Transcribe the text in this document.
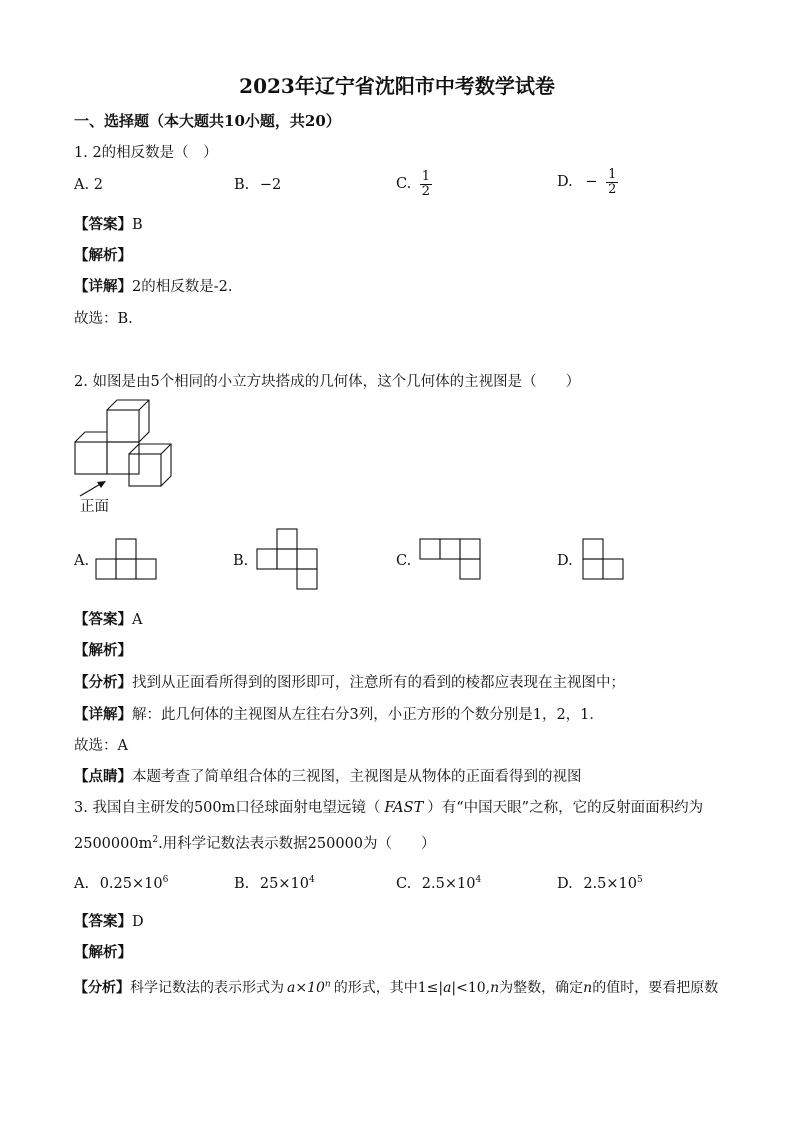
2023年辽宁省沈阳市中考数学试卷
一、选择题（本大题共10小题，共20）
1. 2的相反数是（　）
A. 2	B. −2	C. $\frac{1}{2}$	D. − $\frac{1}{2}$
【答案】B
【解析】
【详解】2的相反数是-2.
故选：B.
2. 如图是由5个相同的小立方块搭成的几何体，这个几何体的主视图是（　　）
正面
A.	B.	C.	D.
【答案】A
【解析】
【分析】找到从正面看所得到的图形即可，注意所有的看到的棱都应表现在主视图中；
【详解】解：此几何体的主视图从左往右分3列，小正方形的个数分别是1，2，1．
故选：A
【点睛】本题考查了简单组合体的三视图，主视图是从物体的正面看得到的视图
3. 我国自主研发的500m口径球面射电望远镜（ FAST ）有“中国天眼”之称，它的反射面面积约为
$2500000m^2$.用科学记数法表示数据250000为（　　）
A. $0.25\times 10^6$	B. $25\times 10^4$	C. $2.5\times 10^4$	D. $2.5\times 10^5$
【答案】D
【解析】
【分析】科学记数法的表示形式为 $a\times 10^n$ 的形式，其中1≤|a|<10,n为整数，确定n的值时，要看把原数
